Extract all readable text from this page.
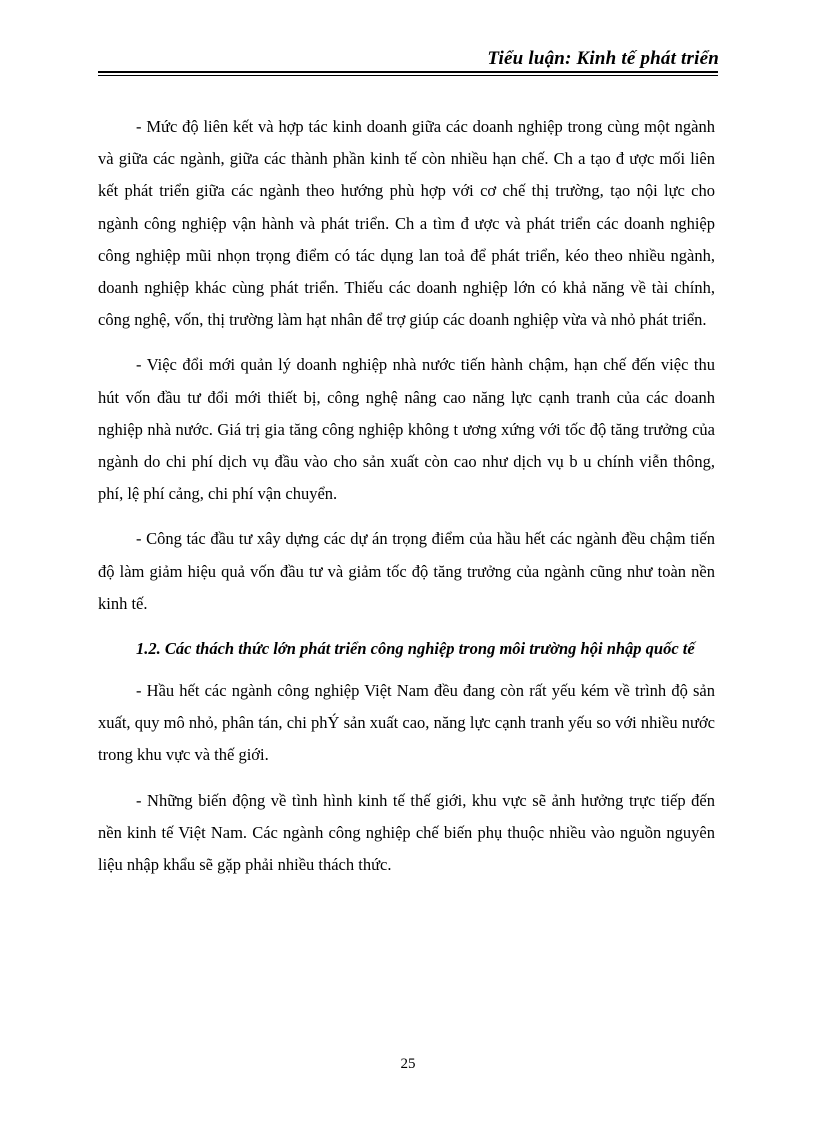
Tiểu luận: Kinh tế phát triển

- Mức độ liên kết và hợp tác kinh doanh giữa các doanh nghiệp trong cùng một ngành và giữa các ngành, giữa các thành phần kinh tế còn nhiều hạn chế. Ch a tạo đ ược mối liên kết phát triển giữa các ngành theo hướng phù hợp với cơ chế thị trường, tạo nội lực cho ngành công nghiệp vận hành và phát triển. Ch a tìm đ ược và phát triển các doanh nghiệp công nghiệp mũi nhọn trọng điểm có tác dụng lan toả để phát triển, kéo theo nhiều ngành, doanh nghiệp khác cùng phát triển. Thiếu các doanh nghiệp lớn có khả năng về tài chính, công nghệ, vốn, thị trường làm hạt nhân để trợ giúp các doanh nghiệp vừa và nhỏ phát triển.

- Việc đổi mới quản lý doanh nghiệp nhà nước tiến hành chậm, hạn chế đến việc thu hút vốn đầu tư đổi mới thiết bị, công nghệ nâng cao năng lực cạnh tranh của các doanh nghiệp nhà nước. Giá trị gia tăng công nghiệp không t ương xứng với tốc độ tăng trưởng của ngành do chi phí dịch vụ đầu vào cho sản xuất còn cao như dịch vụ b u chính viễn thông, phí, lệ phí cảng, chi phí vận chuyển.

- Công tác đầu tư xây dựng các dự án trọng điểm của hầu hết các ngành đều chậm tiến độ làm giảm hiệu quả vốn đầu tư và giảm tốc độ tăng trưởng của ngành cũng như toàn nền kinh tế.

1.2. Các thách thức lớn phát triển công nghiệp trong môi trường hội nhập quốc tế

- Hầu hết các ngành công nghiệp Việt Nam đều đang còn rất yếu kém về trình độ sản xuất, quy mô nhỏ, phân tán, chi phÝ sản xuất cao, năng lực cạnh tranh yếu so với nhiều nước trong khu vực và thế giới.

- Những biến động về tình hình kinh tế thế giới, khu vực sẽ ảnh hưởng trực tiếp đến nền kinh tế Việt Nam. Các ngành công nghiệp chế biến phụ thuộc nhiều vào nguồn nguyên liệu nhập khẩu sẽ gặp phải nhiều thách thức.

25
